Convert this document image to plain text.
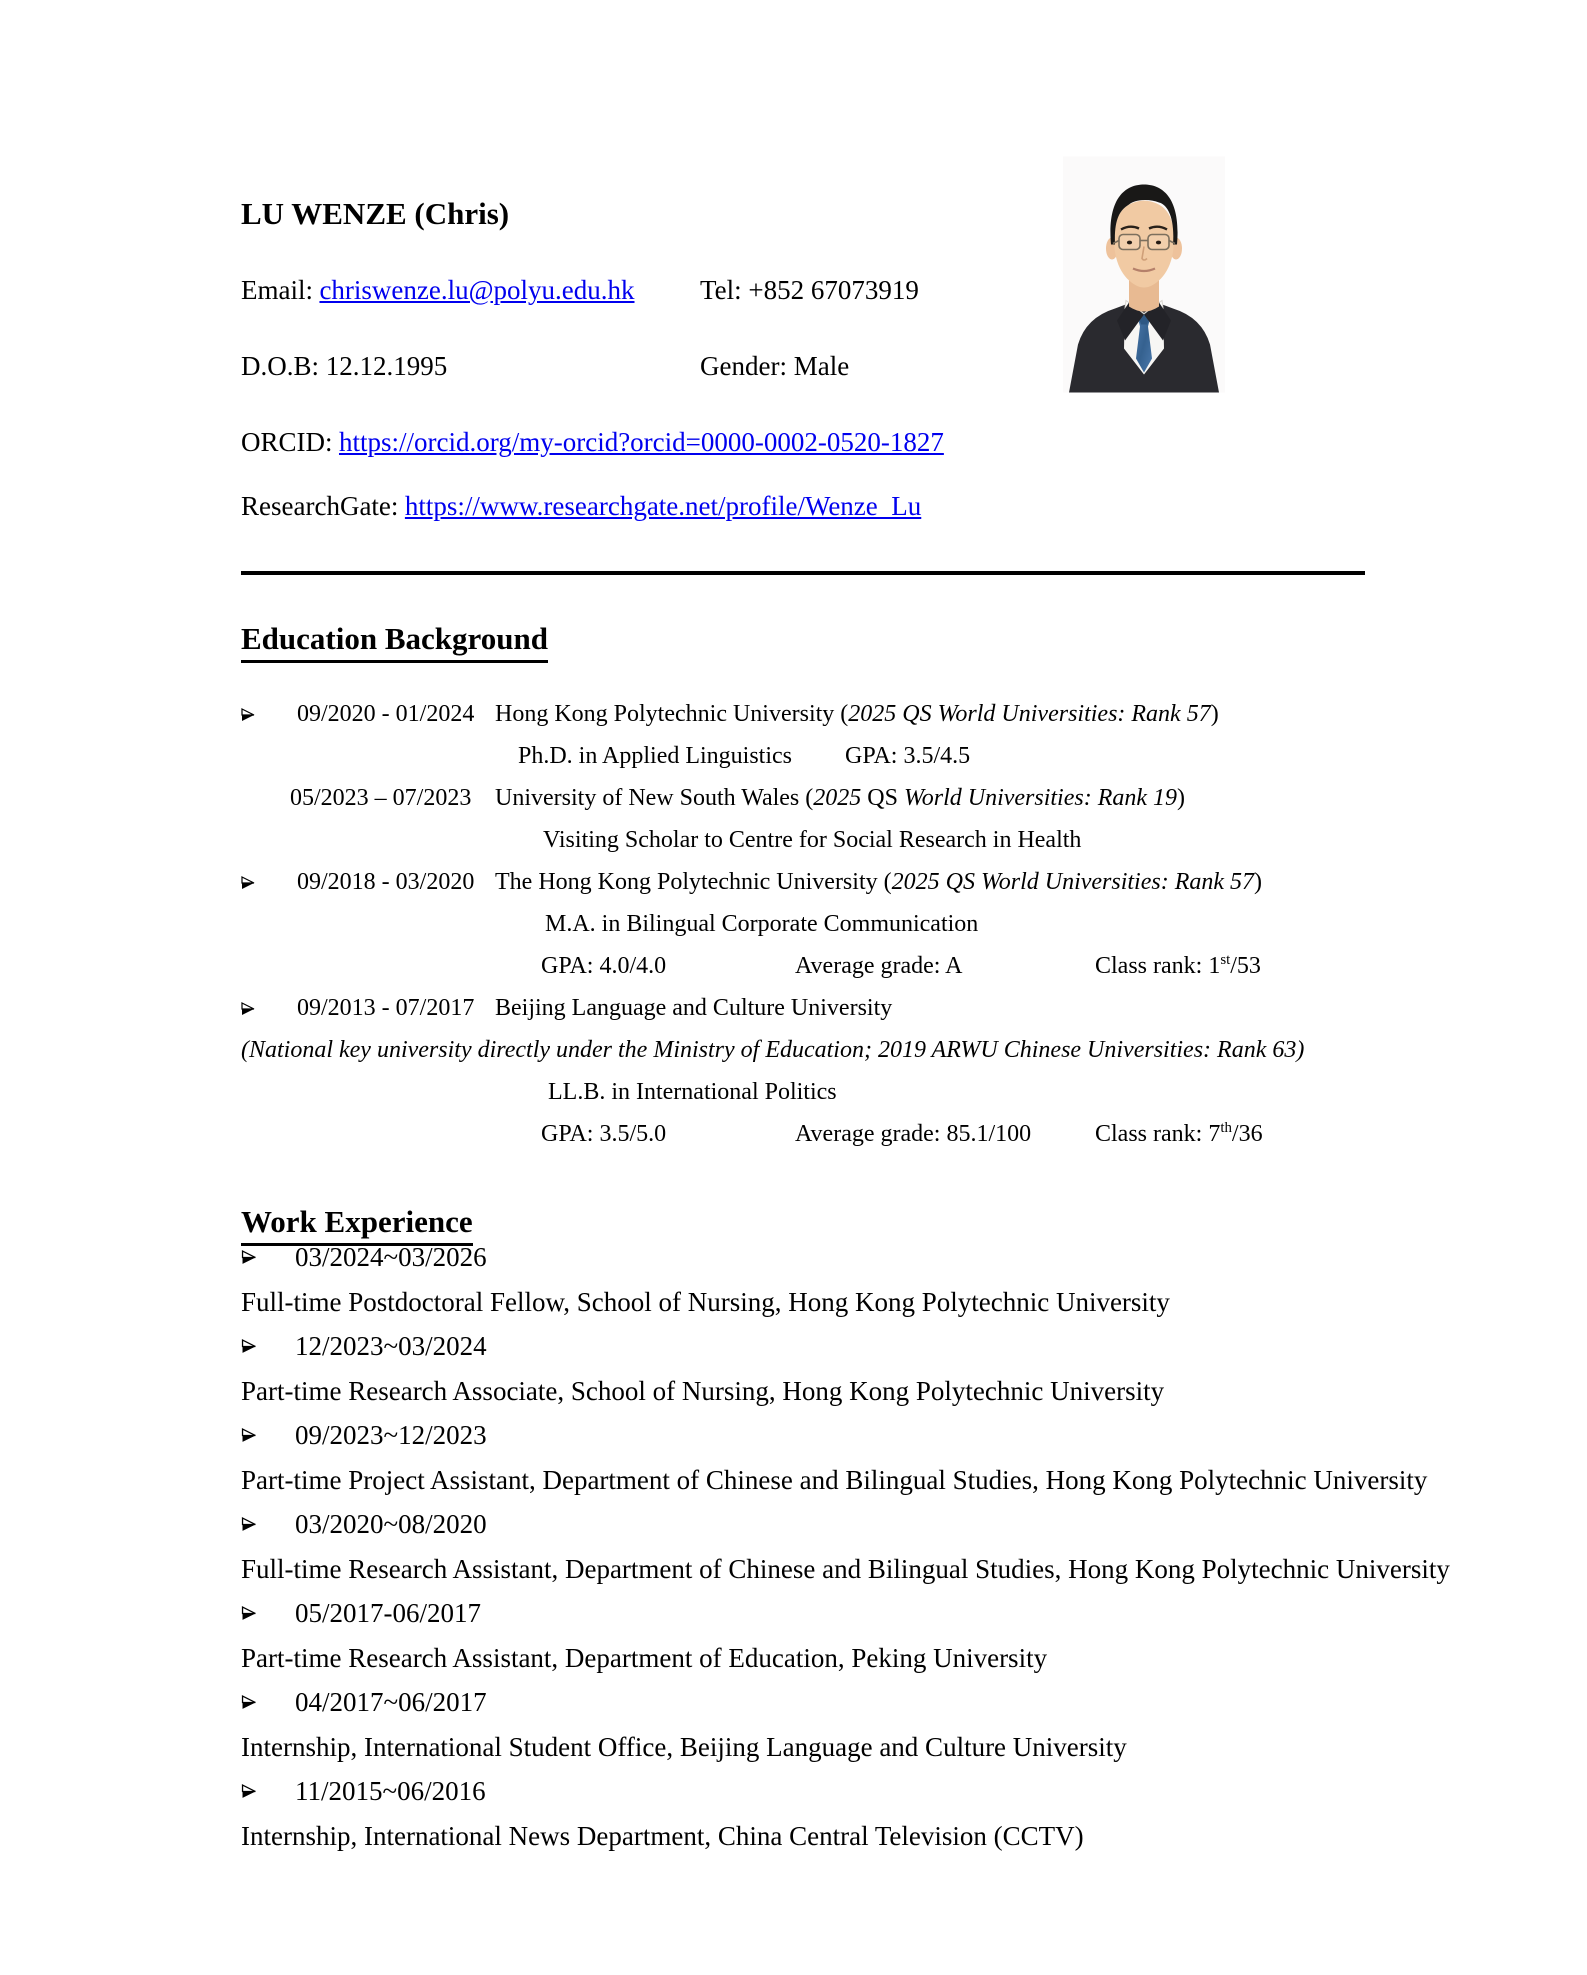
LU WENZE (Chris)
Email: chriswenze.lu@polyu.edu.hk Tel: +852 67073919
D.O.B: 12.12.1995	Gender: Male
ORCID: https://orcid.org/my-orcid?orcid=0000-0002-0520-1827
ResearchGate: https://www.researchgate.net/profile/Wenze_Lu
Education Background
09/2020 - 01/2024 Hong Kong Polytechnic University (2025 QS World Universities: Rank 57)
Ph.D. in Applied Linguistics GPA: 3.5/4.5
05/2023 – 07/2023 University of New South Wales (2025 QS World Universities: Rank 19)
Visiting Scholar to Centre for Social Research in Health
09/2018 - 03/2020 The Hong Kong Polytechnic University (2025 QS World Universities: Rank 57)
M.A. in Bilingual Corporate Communication
GPA: 4.0/4.0	Average grade: A	Class rank: 1st/53
09/2013 - 07/2017 Beijing Language and Culture University
(National key university directly under the Ministry of Education; 2019 ARWU Chinese Universities: Rank 63)
LL.B. in International Politics
GPA: 3.5/5.0	Average grade: 85.1/100	Class rank: 7th/36
Work Experience
03/2024~03/2026
Full-time Postdoctoral Fellow, School of Nursing, Hong Kong Polytechnic University
12/2023~03/2024
Part-time Research Associate, School of Nursing, Hong Kong Polytechnic University
09/2023~12/2023
Part-time Project Assistant, Department of Chinese and Bilingual Studies, Hong Kong Polytechnic University
03/2020~08/2020
Full-time Research Assistant, Department of Chinese and Bilingual Studies, Hong Kong Polytechnic University
05/2017-06/2017
Part-time Research Assistant, Department of Education, Peking University
04/2017~06/2017
Internship, International Student Office, Beijing Language and Culture University
11/2015~06/2016
Internship, International News Department, China Central Television (CCTV)
